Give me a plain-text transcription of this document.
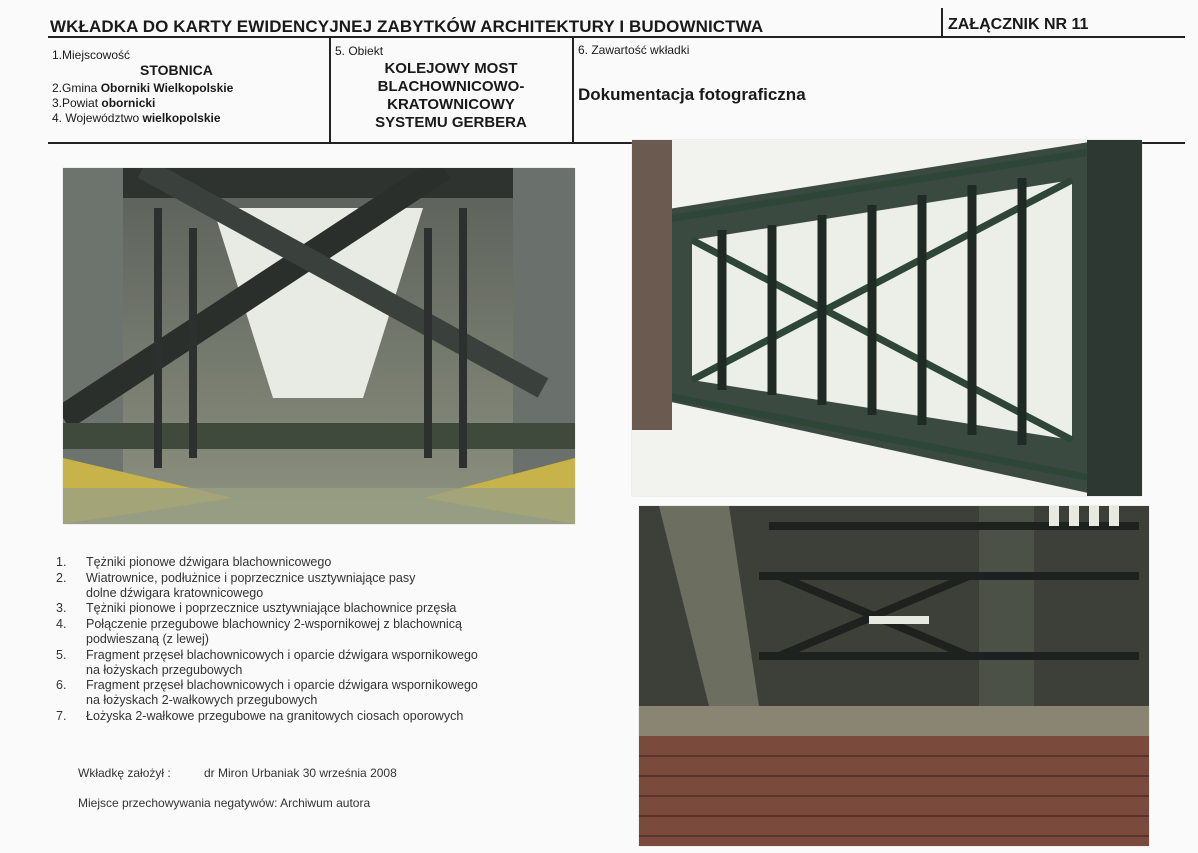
WKŁADKA DO KARTY EWIDENCYJNEJ ZABYTKÓW ARCHITEKTURY I BUDOWNICTWA	ZAŁĄCZNIK NR 11
1.Miejscowość
STOBNICA
2.Gmina Oborniki Wielkopolskie
3.Powiat obornicki
4. Województwo wielkopolskie
5. Obiekt
KOLEJOWY MOST
BLACHOWNICOWO-
KRATOWNICOWY
SYSTEMU GERBERA
6. Zawartość wkładki
Dokumentacja fotograficzna
1. Tężniki pionowe dźwigara blachownicowego
2. Wiatrownice, podłużnice i poprzecznice usztywniające pasy
dolne dźwigara kratownicowego
3. Tężniki pionowe i poprzecznice usztywniające blachownice przęsła
4. Połączenie przegubowe blachownicy 2-wspornikowej z blachownicą
podwieszaną (z lewej)
5. Fragment przęseł blachownicowych i oparcie dźwigara wspornikowego
na łożyskach przegubowych
6. Fragment przęseł blachownicowych i oparcie dźwigara wspornikowego
na łożyskach 2-wałkowych przegubowych
7. Łożyska 2-wałkowe przegubowe na granitowych ciosach oporowych
Wkładkę założył :	dr Miron Urbaniak 30 września 2008
Miejsce przechowywania negatywów: Archiwum autora
